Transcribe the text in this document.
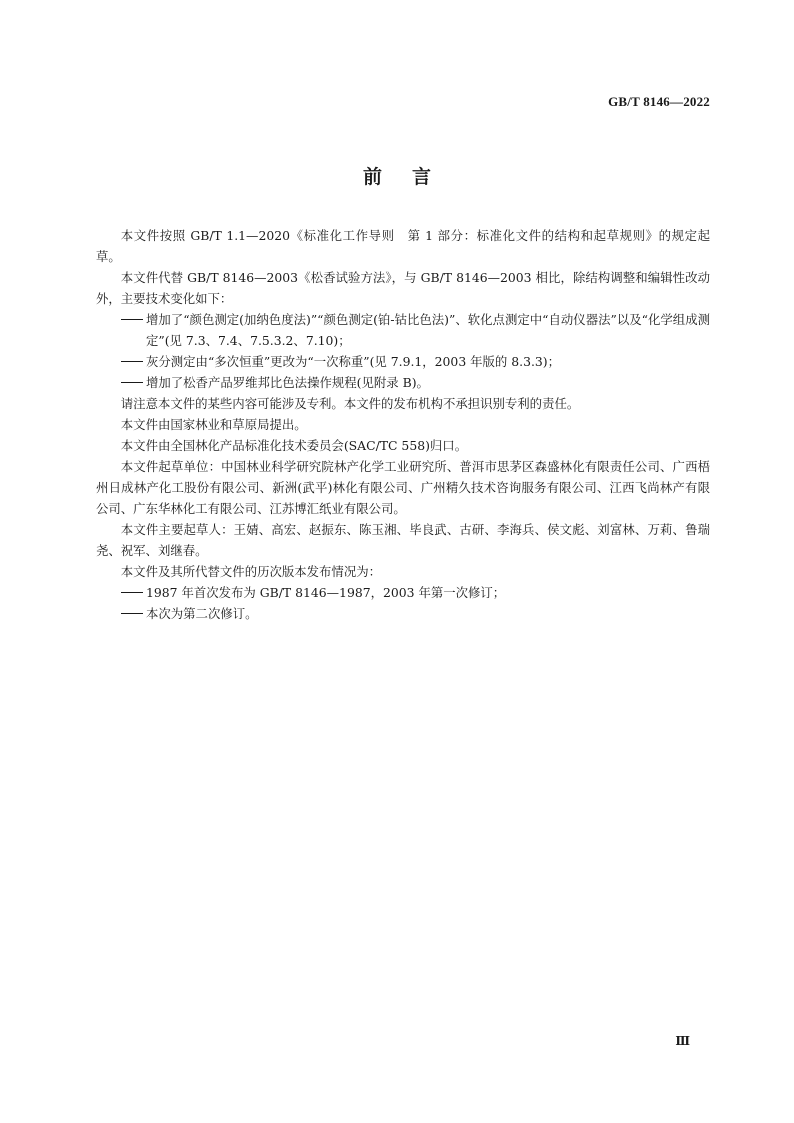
GB/T 8146—2022
前言

本文件按照 GB/T 1.1—2020《标准化工作导则　第 1 部分：标准化文件的结构和起草规则》的规定起草。

本文件代替 GB/T 8146—2003《松香试验方法》，与 GB/T 8146—2003 相比，除结构调整和编辑性改动外，主要技术变化如下：

增加了“颜色测定(加纳色度法)”“颜色测定(铂-钴比色法)”、软化点测定中“自动仪器法”以及“化学组成测定”(见 7.3、7.4、7.5.3.2、7.10)；
灰分测定由“多次恒重”更改为“一次称重”(见 7.9.1，2003 年版的 8.3.3)；
增加了松香产品罗维邦比色法操作规程(见附录 B)。

请注意本文件的某些内容可能涉及专利。本文件的发布机构不承担识别专利的责任。

本文件由国家林业和草原局提出。

本文件由全国林化产品标准化技术委员会(SAC/TC 558)归口。

本文件起草单位：中国林业科学研究院林产化学工业研究所、普洱市思茅区森盛林化有限责任公司、广西梧州日成林产化工股份有限公司、新洲(武平)林化有限公司、广州精久技术咨询服务有限公司、江西飞尚林产有限公司、广东华林化工有限公司、江苏博汇纸业有限公司。

本文件主要起草人：王婧、高宏、赵振东、陈玉湘、毕良武、古研、李海兵、侯文彪、刘富林、万莉、鲁瑞尧、祝军、刘继春。

本文件及其所代替文件的历次版本发布情况为：

1987 年首次发布为 GB/T 8146—1987，2003 年第一次修订；
本次为第二次修订。
Ⅲ
